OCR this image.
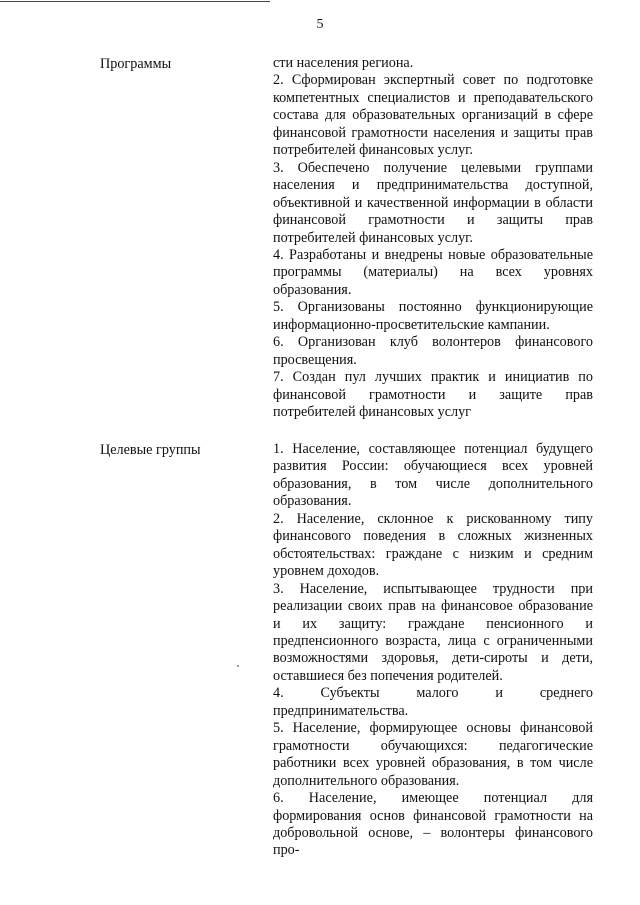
5
Программы	сти населения региона.

2. Сформирован экспертный совет по подготовке компетентных специалистов и преподавательского состава для образовательных организаций в сфере финансовой грамотности населения и защиты прав потребителей финансовых услуг.

3. Обеспечено получение целевыми группами населения и предпринимательства доступной, объективной и качественной информации в области финансовой грамотности и защиты прав потребителей финансовых услуг.

4. Разработаны и внедрены новые образовательные программы (материалы) на всех уровнях образования.

5. Организованы постоянно функционирующие информационно-просветительские кампании.

6. Организован клуб волонтеров финансового просвещения.

7. Создан пул лучших практик и инициатив по финансовой грамотности и защите прав потребителей финансовых услуг

Целевые группы	1. Население, составляющее потенциал будущего развития России: обучающиеся всех уровней образования, в том числе дополнительного образования.

2. Население, склонное к рискованному типу финансового поведения в сложных жизненных обстоятельствах: граждане с низким и средним уровнем доходов.

3. Население, испытывающее трудности при реализации своих прав на финансовое образование и их защиту: граждане пенсионного и предпенсионного возраста, лица с ограниченными возможностями здоровья, дети-сироты и дети, оставшиеся без попечения родителей.

4. Субъекты малого и среднего предпринимательства.

5. Население, формирующее основы финансовой грамотности обучающихся: педагогические работники всех уровней образования, в том числе дополнительного образования.

6. Население, имеющее потенциал для формирования основ финансовой грамотности на добровольной основе, – волонтеры финансового про-
